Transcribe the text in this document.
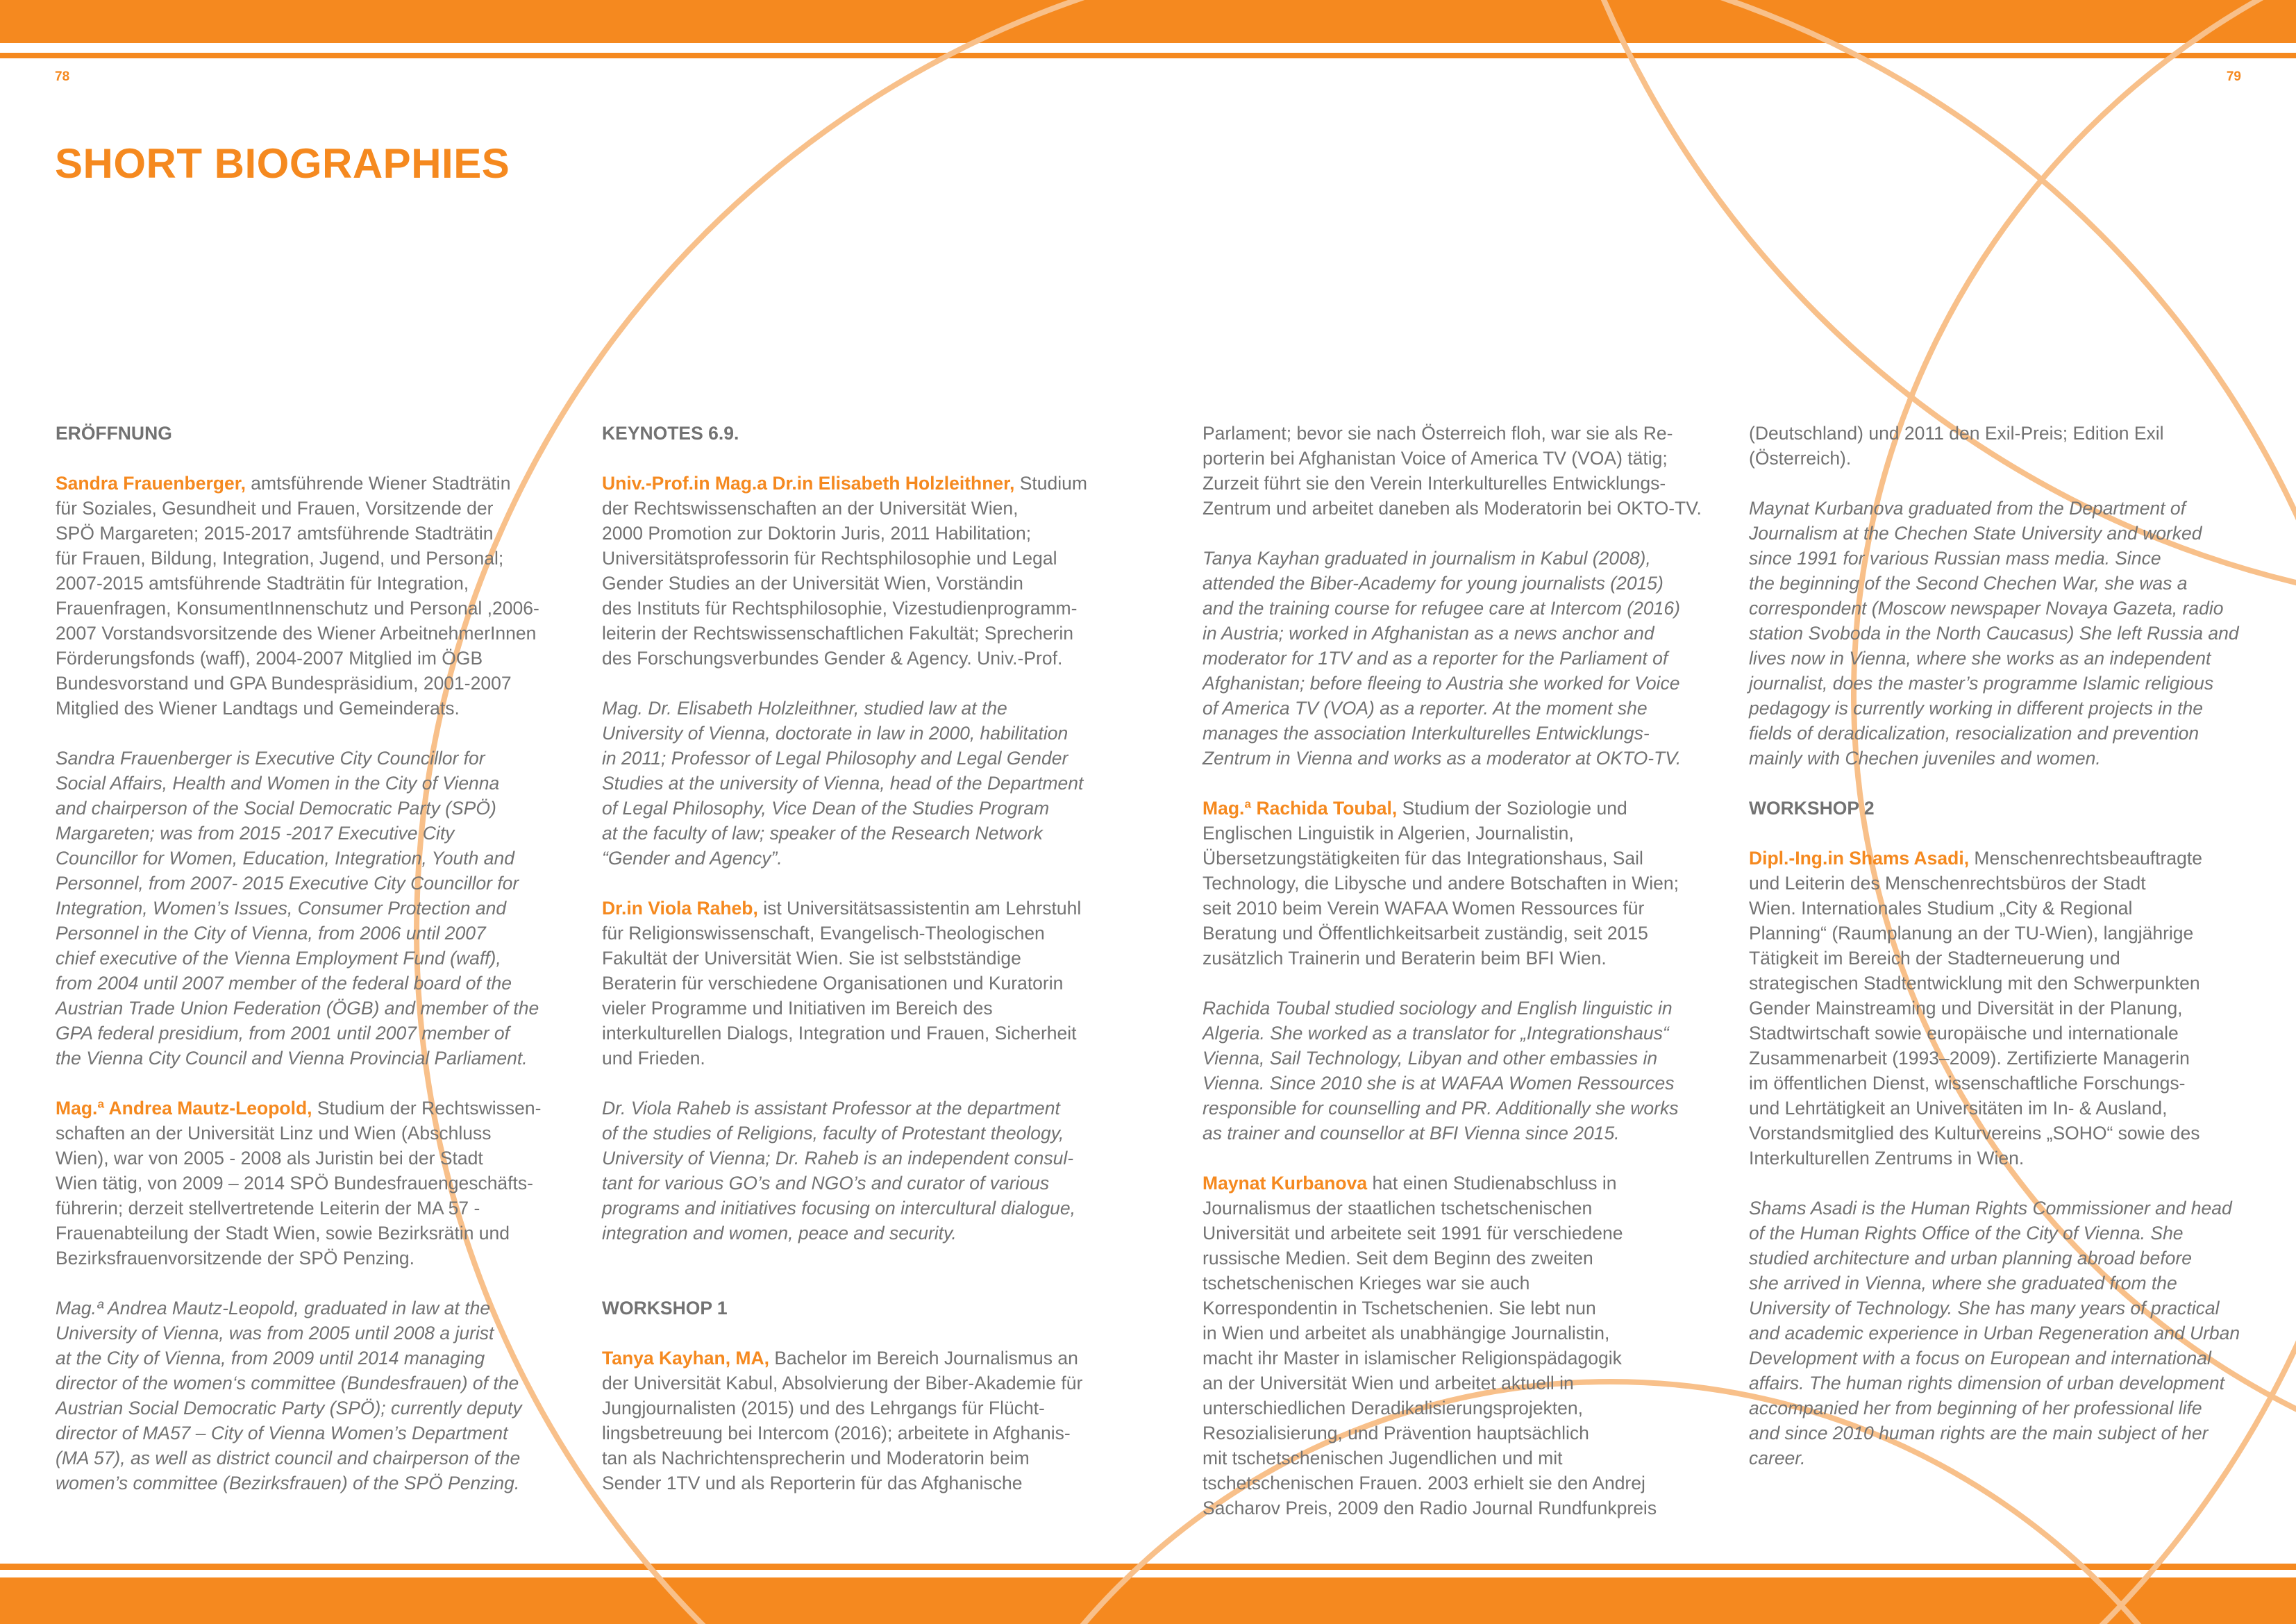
78	79
SHORT BIOGRAPHIES
ERÖFFNUNG

Sandra Frauenberger, amtsführende Wiener Stadträtin
für Soziales, Gesundheit und Frauen, Vorsitzende der
SPÖ Margareten; 2015-2017 amtsführende Stadträtin
für Frauen, Bildung, Integration, Jugend, und Personal;
2007-2015 amtsführende Stadträtin für Integration,
Frauenfragen, KonsumentInnenschutz und Personal ,2006-
2007 Vorstandsvorsitzende des Wiener ArbeitnehmerInnen
Förderungsfonds (waff), 2004-2007 Mitglied im ÖGB
Bundesvorstand und GPA Bundespräsidium, 2001-2007
Mitglied des Wiener Landtags und Gemeinderats.

Sandra Frauenberger is Executive City Councillor for
Social Affairs, Health and Women in the City of Vienna
and chairperson of the Social Democratic Party (SPÖ)
Margareten; was from 2015 -2017 Executive City
Councillor for Women, Education, Integration, Youth and
Personnel, from 2007- 2015 Executive City Councillor for
Integration, Women’s Issues, Consumer Protection and
Personnel in the City of Vienna, from 2006 until 2007
chief executive of the Vienna Employment Fund (waff),
from 2004 until 2007 member of the federal board of the
Austrian Trade Union Federation (ÖGB) and member of the
GPA federal presidium, from 2001 until 2007 member of
the Vienna City Council and Vienna Provincial Parliament.

Mag.ª Andrea Mautz-Leopold, Studium der Rechtswissen-
schaften an der Universität Linz und Wien (Abschluss
Wien), war von 2005 - 2008 als Juristin bei der Stadt
Wien tätig, von 2009 – 2014 SPÖ Bundesfrauengeschäfts-
führerin; derzeit stellvertretende Leiterin der MA 57 -
Frauenabteilung der Stadt Wien, sowie Bezirksrätin und
Bezirksfrauenvorsitzende der SPÖ Penzing.

Mag.ª Andrea Mautz-Leopold, graduated in law at the
University of Vienna, was from 2005 until 2008 a jurist
at the City of Vienna, from 2009 until 2014 managing
director of the women‘s committee (Bundesfrauen) of the
Austrian Social Democratic Party (SPÖ); currently deputy
director of MA57 – City of Vienna Women’s Department
(MA 57), as well as district council and chairperson of the
women’s committee (Bezirksfrauen) of the SPÖ Penzing.

KEYNOTES 6.9.

Univ.-Prof.in Mag.a Dr.in Elisabeth Holzleithner, Studium
der Rechtswissenschaften an der Universität Wien,
2000 Promotion zur Doktorin Juris, 2011 Habilitation;
Universitätsprofessorin für Rechtsphilosophie und Legal
Gender Studies an der Universität Wien, Vorständin
des Instituts für Rechtsphilosophie, Vizestudienprogramm-
leiterin der Rechtswissenschaftlichen Fakultät; Sprecherin
des Forschungsverbundes Gender & Agency. Univ.-Prof.

Mag. Dr. Elisabeth Holzleithner, studied law at the
University of Vienna, doctorate in law in 2000, habilitation
in 2011; Professor of Legal Philosophy and Legal Gender
Studies at the university of Vienna, head of the Department
of Legal Philosophy, Vice Dean of the Studies Program
at the faculty of law; speaker of the Research Network
“Gender and Agency”.

Dr.in Viola Raheb, ist Universitätsassistentin am Lehrstuhl
für Religionswissenschaft, Evangelisch-Theologischen
Fakultät der Universität Wien. Sie ist selbstständige
Beraterin für verschiedene Organisationen und Kuratorin
vieler Programme und Initiativen im Bereich des
interkulturellen Dialogs, Integration und Frauen, Sicherheit
und Frieden.

Dr. Viola Raheb is assistant Professor at the department
of the studies of Religions, faculty of Protestant theology,
University of Vienna; Dr. Raheb is an independent consul-
tant for various GO’s and NGO’s and curator of various
programs and initiatives focusing on intercultural dialogue,
integration and women, peace and security.

WORKSHOP 1

Tanya Kayhan, MA, Bachelor im Bereich Journalismus an
der Universität Kabul, Absolvierung der Biber-Akademie für
Jungjournalisten (2015) und des Lehrgangs für Flücht-
lingsbetreuung bei Intercom (2016); arbeitete in Afghanis-
tan als Nachrichtensprecherin und Moderatorin beim
Sender 1TV und als Reporterin für das Afghanische

Parlament; bevor sie nach Österreich floh, war sie als Re-
porterin bei Afghanistan Voice of America TV (VOA) tätig;
Zurzeit führt sie den Verein Interkulturelles Entwicklungs-
Zentrum und arbeitet daneben als Moderatorin bei OKTO-TV.

Tanya Kayhan graduated in journalism in Kabul (2008),
attended the Biber-Academy for young journalists (2015)
and the training course for refugee care at Intercom (2016)
in Austria; worked in Afghanistan as a news anchor and
moderator for 1TV and as a reporter for the Parliament of
Afghanistan; before fleeing to Austria she worked for Voice
of America TV (VOA) as a reporter. At the moment she
manages the association Interkulturelles Entwicklungs-
Zentrum in Vienna and works as a moderator at OKTO-TV.

Mag.ª Rachida Toubal, Studium der Soziologie und
Englischen Linguistik in Algerien, Journalistin,
Übersetzungstätigkeiten für das Integrationshaus, Sail
Technology, die Libysche und andere Botschaften in Wien;
seit 2010 beim Verein WAFAA Women Ressources für
Beratung und Öffentlichkeitsarbeit zuständig, seit 2015
zusätzlich Trainerin und Beraterin beim BFI Wien.

Rachida Toubal studied sociology and English linguistic in
Algeria. She worked as a translator for „Integrationshaus“
Vienna, Sail Technology, Libyan and other embassies in
Vienna. Since 2010 she is at WAFAA Women Ressources
responsible for counselling and PR. Additionally she works
as trainer and counsellor at BFI Vienna since 2015.

Maynat Kurbanova hat einen Studienabschluss in
Journalismus der staatlichen tschetschenischen
Universität und arbeitete seit 1991 für verschiedene
russische Medien. Seit dem Beginn des zweiten
tschetschenischen Krieges war sie auch
Korrespondentin in Tschetschenien. Sie lebt nun
in Wien und arbeitet als unabhängige Journalistin,
macht ihr Master in islamischer Religionspädagogik
an der Universität Wien und arbeitet aktuell in
unterschiedlichen Deradikalisierungsprojekten,
Resozialisierung, und Prävention hauptsächlich
mit tschetschenischen Jugendlichen und mit
tschetschenischen Frauen. 2003 erhielt sie den Andrej
Sacharov Preis, 2009 den Radio Journal Rundfunkpreis

(Deutschland) und 2011 den Exil-Preis; Edition Exil
(Österreich).

Maynat Kurbanova graduated from the Department of
Journalism at the Chechen State University and worked
since 1991 for various Russian mass media. Since
the beginning of the Second Chechen War, she was a
correspondent (Moscow newspaper Novaya Gazeta, radio
station Svoboda in the North Caucasus) She left Russia and
lives now in Vienna, where she works as an independent
journalist, does the master’s programme Islamic religious
pedagogy is currently working in different projects in the
fields of deradicalization, resocialization and prevention
mainly with Chechen juveniles and women.

WORKSHOP 2

Dipl.-Ing.in Shams Asadi, Menschenrechtsbeauftragte
und Leiterin des Menschenrechtsbüros der Stadt
Wien. Internationales Studium „City & Regional
Planning“ (Raumplanung an der TU-Wien), langjährige
Tätigkeit im Bereich der Stadterneuerung und
strategischen Stadtentwicklung mit den Schwerpunkten
Gender Mainstreaming und Diversität in der Planung,
Stadtwirtschaft sowie europäische und internationale
Zusammenarbeit (1993–2009). Zertifizierte Managerin
im öffentlichen Dienst, wissenschaftliche Forschungs-
und Lehrtätigkeit an Universitäten im In- & Ausland,
Vorstandsmitglied des Kulturvereins „SOHO“ sowie des
Interkulturellen Zentrums in Wien.

Shams Asadi is the Human Rights Commissioner and head
of the Human Rights Office of the City of Vienna. She
studied architecture and urban planning abroad before
she arrived in Vienna, where she graduated from the
University of Technology. She has many years of practical
and academic experience in Urban Regeneration and Urban
Development with a focus on European and international
affairs. The human rights dimension of urban development
accompanied her from beginning of her professional life
and since 2010 human rights are the main subject of her
career.
